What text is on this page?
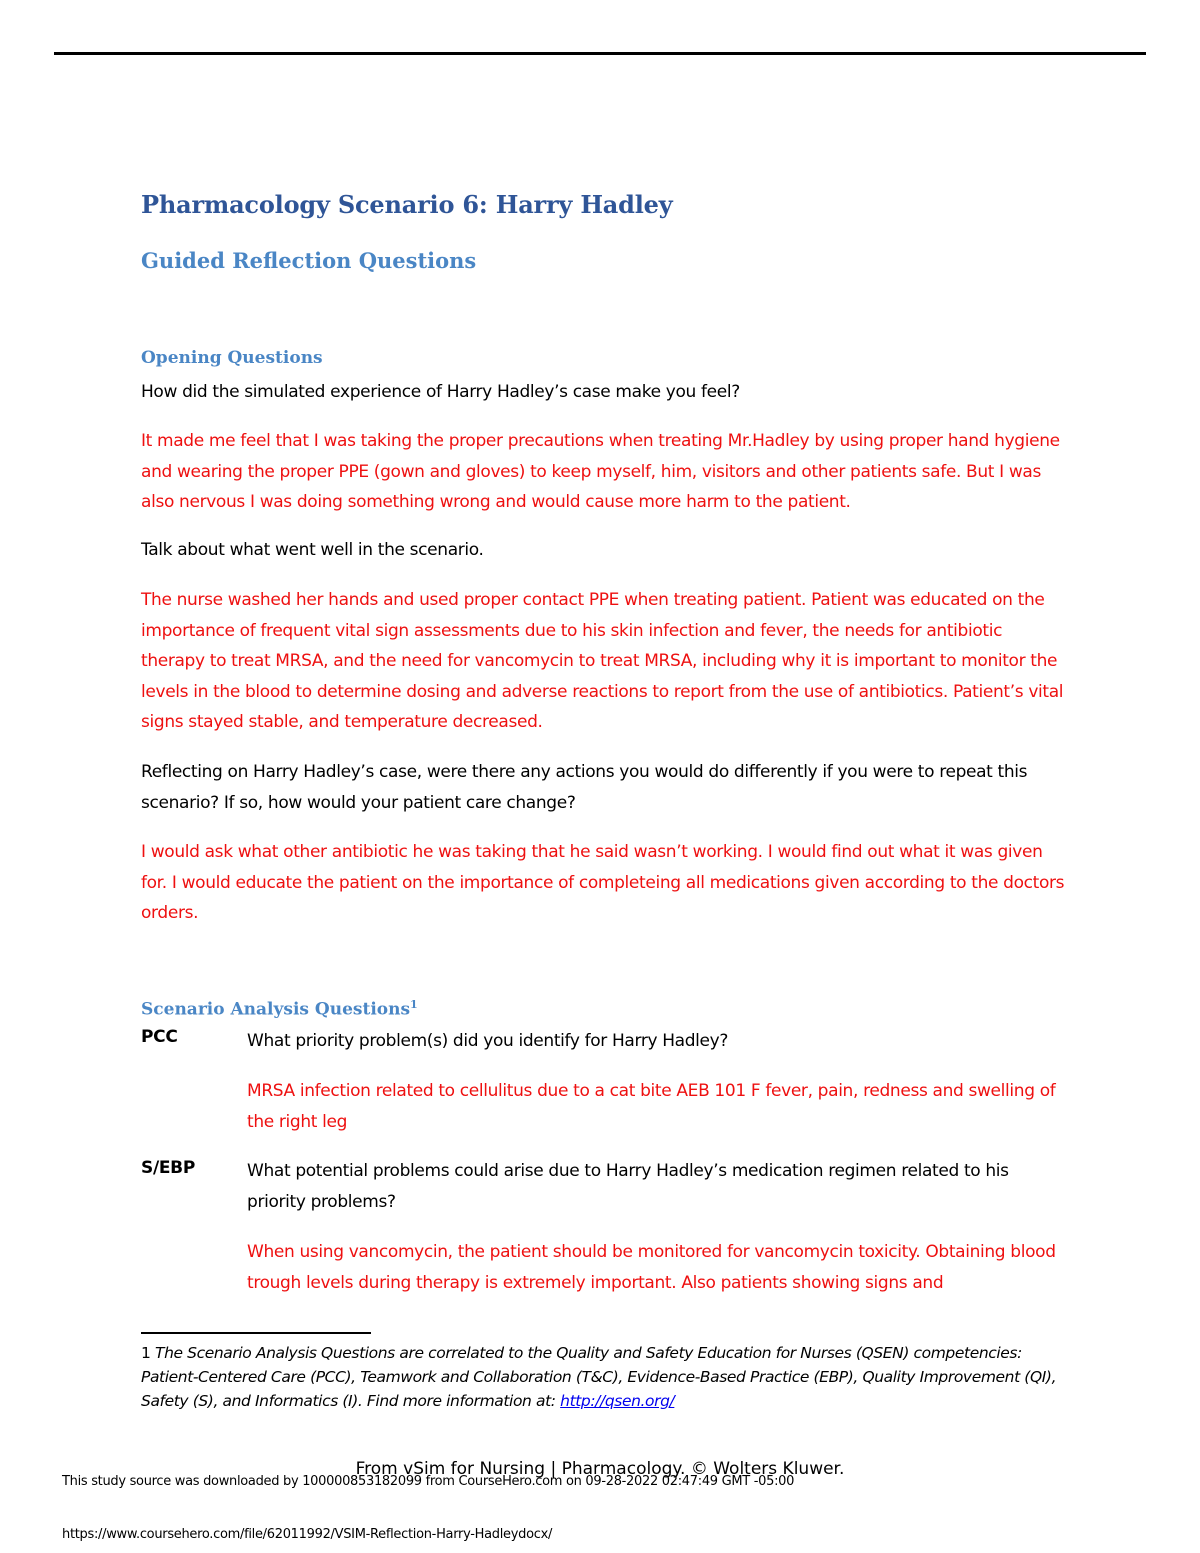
Pharmacology Scenario 6: Harry Hadley
Guided Reflection Questions
Opening Questions

How did the simulated experience of Harry Hadley’s case make you feel?

It made me feel that I was taking the proper precautions when treating Mr.Hadley by using proper hand hygiene and wearing the proper PPE (gown and gloves) to keep myself, him, visitors and other patients safe. But I was also nervous I was doing something wrong and would cause more harm to the patient.

Talk about what went well in the scenario.

The nurse washed her hands and used proper contact PPE when treating patient. Patient was educated on the importance of frequent vital sign assessments due to his skin infection and fever, the needs for antibiotic therapy to treat MRSA, and the need for vancomycin to treat MRSA, including why it is important to monitor the levels in the blood to determine dosing and adverse reactions to report from the use of antibiotics. Patient’s vital signs stayed stable, and temperature decreased.

Reflecting on Harry Hadley’s case, were there any actions you would do differently if you were to repeat this scenario? If so, how would your patient care change?

I would ask what other antibiotic he was taking that he said wasn’t working. I would find out what it was given for. I would educate the patient on the importance of completeing all medications given according to the doctors orders.

Scenario Analysis Questions$^1$
PCC	What priority problem(s) did you identify for Harry Hadley?

MRSA infection related to cellulitus due to a cat bite AEB 101 F fever, pain, redness and swelling of the right leg

S/EBP	What potential problems could arise due to Harry Hadley’s medication regimen related to his priority problems?

When using vancomycin, the patient should be monitored for vancomycin toxicity. Obtaining blood trough levels during therapy is extremely important. Also patients showing signs and

1 The Scenario Analysis Questions are correlated to the Quality and Safety Education for Nurses (QSEN) competencies: Patient-Centered Care (PCC), Teamwork and Collaboration (T&C), Evidence-Based Practice (EBP), Quality Improvement (QI), Safety (S), and Informatics (I). Find more information at: http://qsen.org/

From vSim for Nursing | Pharmacology. © Wolters Kluwer.
This study source was downloaded by 100000853182099 from CourseHero.com on 09-28-2022 02:47:49 GMT -05:00
https://www.coursehero.com/file/62011992/VSIM-Reflection-Harry-Hadleydocx/
